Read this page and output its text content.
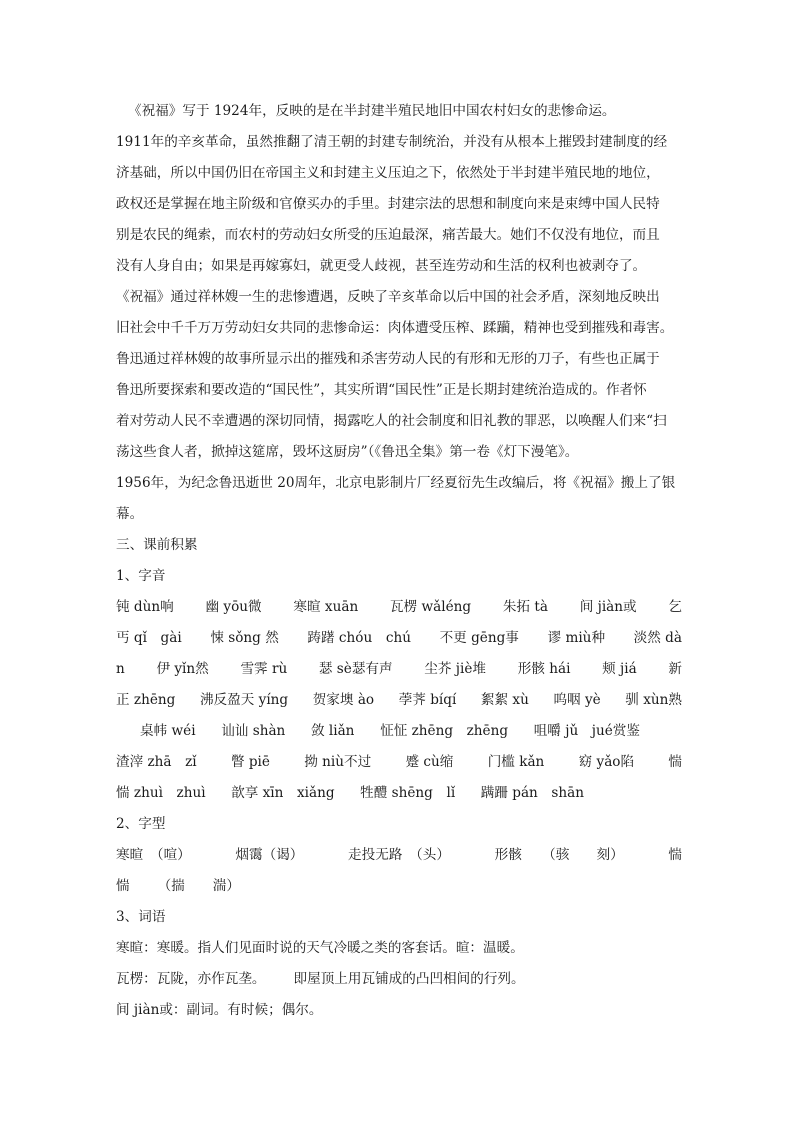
《祝福》写于 1924年，反映的是在半封建半殖民地旧中国农村妇女的悲惨命运。
1911年的辛亥革命，虽然推翻了清王朝的封建专制统治，并没有从根本上摧毁封建制度的经
济基础，所以中国仍旧在帝国主义和封建主义压迫之下，依然处于半封建半殖民地的地位，
政权还是掌握在地主阶级和官僚买办的手里。封建宗法的思想和制度向来是束缚中国人民特
别是农民的绳索，而农村的劳动妇女所受的压迫最深，痛苦最大。她们不仅没有地位，而且
没有人身自由；如果是再嫁寡妇，就更受人歧视，甚至连劳动和生活的权利也被剥夺了。
《祝福》通过祥林嫂一生的悲惨遭遇，反映了辛亥革命以后中国的社会矛盾，深刻地反映出
旧社会中千千万万劳动妇女共同的悲惨命运：肉体遭受压榨、蹂躏，精神也受到摧残和毒害。
鲁迅通过祥林嫂的故事所显示出的摧残和杀害劳动人民的有形和无形的刀子，有些也正属于
鲁迅所要探索和要改造的“国民性”，其实所谓“国民性”正是长期封建统治造成的。作者怀
着对劳动人民不幸遭遇的深切同情，揭露吃人的社会制度和旧礼教的罪恶，以唤醒人们来“扫
荡这些食人者，掀掉这筵席，毁坏这厨房”（《鲁迅全集》第一卷《灯下漫笔》。
1956年，为纪念鲁迅逝世 20周年，北京电影制片厂经夏衍先生改编后，将《祝福》搬上了银
幕。
三、课前积累
1、字音
钝 dùn响 幽 yōu微 寒暄 xuān 瓦楞 wǎléng 朱拓 tà 间 jiàn或 乞
丐 qǐ　gài 悚 sǒng 然 踌躇 chóu　chú 不更 gēng事 谬 miù种 淡然 dà
n 伊 yǐn然 雪霁 rù 瑟 sè瑟有声 尘芥 jiè堆 形骸 hái 颊 jiá 新
正 zhēng 沸反盈天 yíng 贺家墺 ào 荸荠 bíqí 絮絮 xù 呜咽 yè 驯 xùn熟
桌帏 wéi 讪讪 shàn 敛 liǎn 怔怔 zhēng　zhēng 咀嚼 jǔ　jué赏鉴
渣滓 zhā　zǐ	瞥 piē	拗 niù不过	蹙 cù缩	门槛 kǎn	窈 yǎo陷	惴
惴 zhuì　zhuì 歆享 xīn　xiǎng 牲醴 shēng　lǐ 蹒跚 pán　shān
2、字型
寒暄　（喧）	烟霭（谒）	走投无路　（头）	形骸　　（骇　　刻）	惴
惴 （揣 湍）
3、词语
寒暄：寒暖。指人们见面时说的天气冷暖之类的客套话。暄：温暖。
瓦楞：瓦陇，亦作瓦垄。 即屋顶上用瓦铺成的凸凹相间的行列。
间 jiàn或：副词。有时候；偶尔。
